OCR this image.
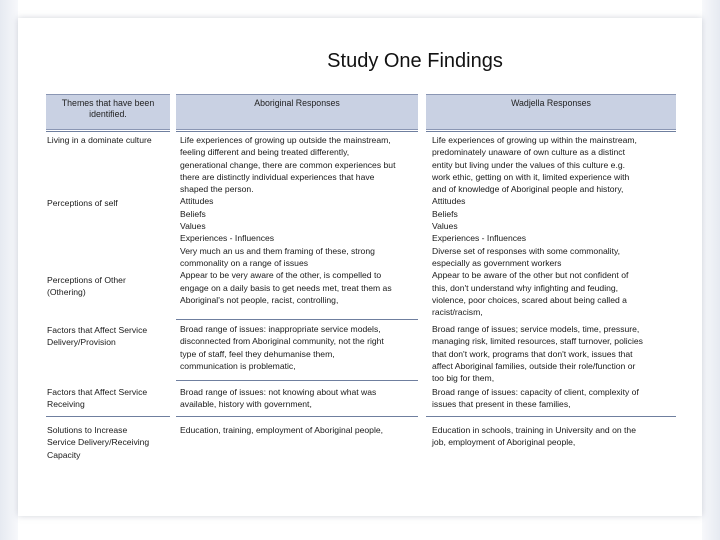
Study One Findings
Themes that have been
identified.
Aboriginal Responses	Wadjella Responses
Living in a dominate culture
Perceptions of self
Perceptions of Other
(Othering)
Factors that Affect Service
Delivery/Provision
Factors that Affect Service
Receiving
Solutions to Increase
Service Delivery/Receiving
Capacity
Life experiences of growing up outside the mainstream,
feeling different and being treated differently,
generational change, there are common experiences but
there are distinctly individual experiences that have
shaped the person.
Attitudes
Beliefs
Values
Experiences - Influences
Very much an us and them framing of these, strong
commonality on a range of issues
Appear to be very aware of the other, is compelled to
engage on a daily basis to get needs met, treat them as
Aboriginal's not people, racist, controlling,
Broad range of issues: inappropriate service models,
disconnected from Aboriginal community, not the right
type of staff, feel they dehumanise them,
communication is problematic,
Broad range of issues: not knowing about what was
available, history with government,
Education, training, employment of Aboriginal people,
Life experiences of growing up within the mainstream,
predominately unaware of own culture as a distinct
entity but living under the values of this culture e.g.
work ethic, getting on with it, limited experience with
and of knowledge of Aboriginal people and history,
Attitudes
Beliefs
Values
Experiences - Influences
Diverse set of responses with some commonality,
especially as government workers
Appear to be aware of the other but not confident of
this, don't understand why infighting and feuding,
violence, poor choices, scared about being called a
racist/racism,
Broad range of issues; service models, time, pressure,
managing risk, limited resources, staff turnover, policies
that don't work, programs that don't work, issues that
affect Aboriginal families, outside their role/function or
too big for them,
Broad range of issues: capacity of client, complexity of
issues that present in these families,
Education in schools, training in University and on the
job, employment of Aboriginal people,
